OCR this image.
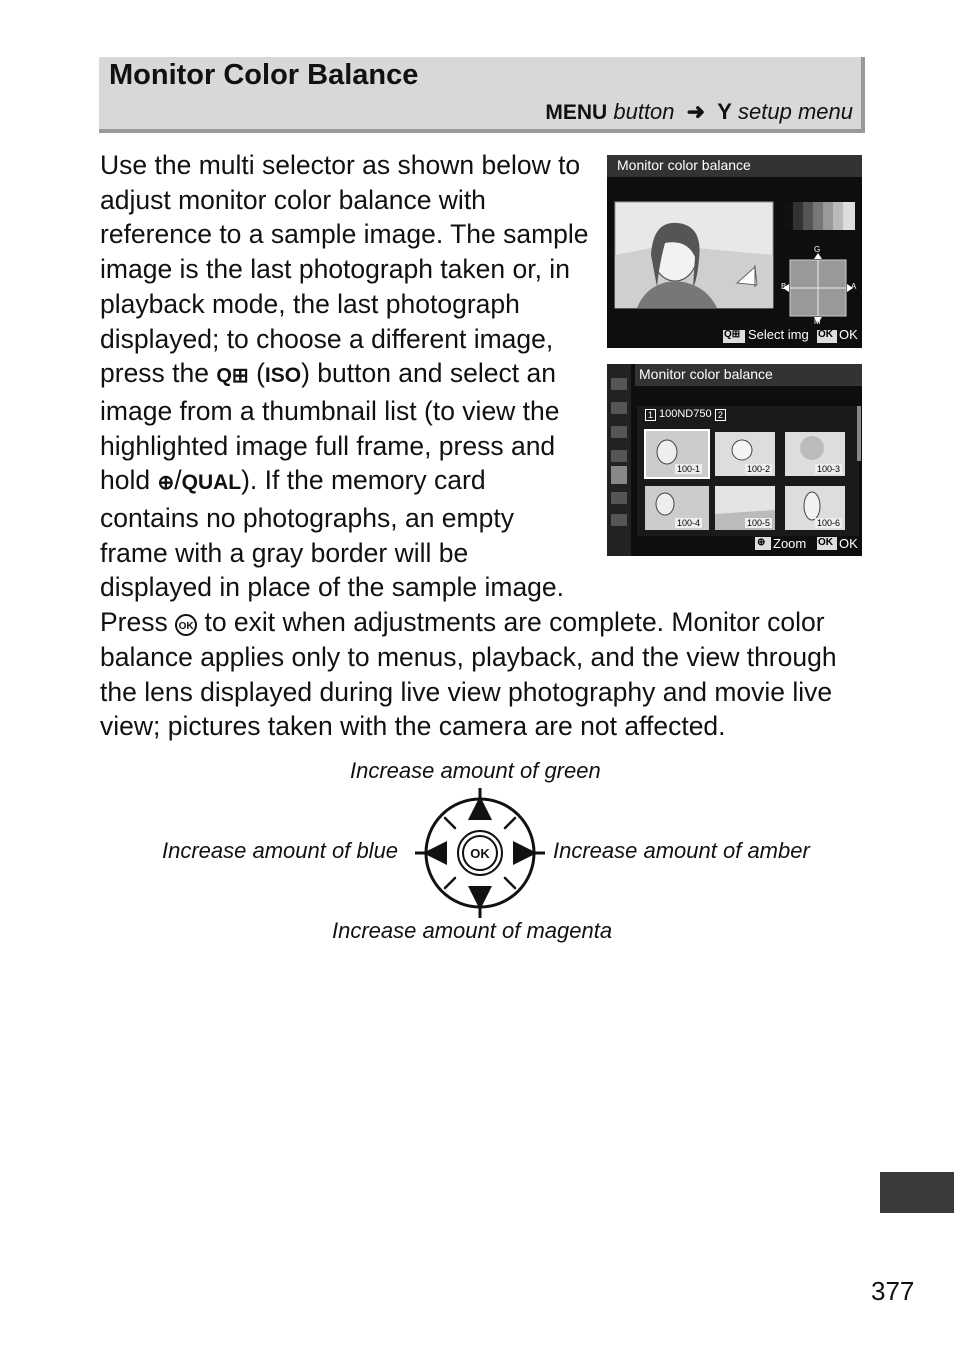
Monitor Color Balance
MENU button ➜ Y setup menu
Use the multi selector as shown below to
adjust monitor color balance with
reference to a sample image. The sample
image is the last photograph taken or, in
playback mode, the last photograph
displayed; to choose a different image,
press the Q⊞ (ISO) button and select an
image from a thumbnail list (to view the
highlighted image full frame, press and
hold ⊕/QUAL). If the memory card
contains no photographs, an empty
frame with a gray border will be
displayed in place of the sample image.
Press OK to exit when adjustments are complete. Monitor color
balance applies only to menus, playback, and the view through
the lens displayed during live view photography and movie live
view; pictures taken with the camera are not affected.
Monitor color balance
G
B	A
M
Q⊞ Select img OK OK
Monitor color balance
1 100ND750 2
100-1	100-2	100-3
100-4	100-5	100-6
⊕ Zoom OK OK
Increase amount of green
Increase amount of blue	Increase amount of amber
Increase amount of magenta
OK
377
